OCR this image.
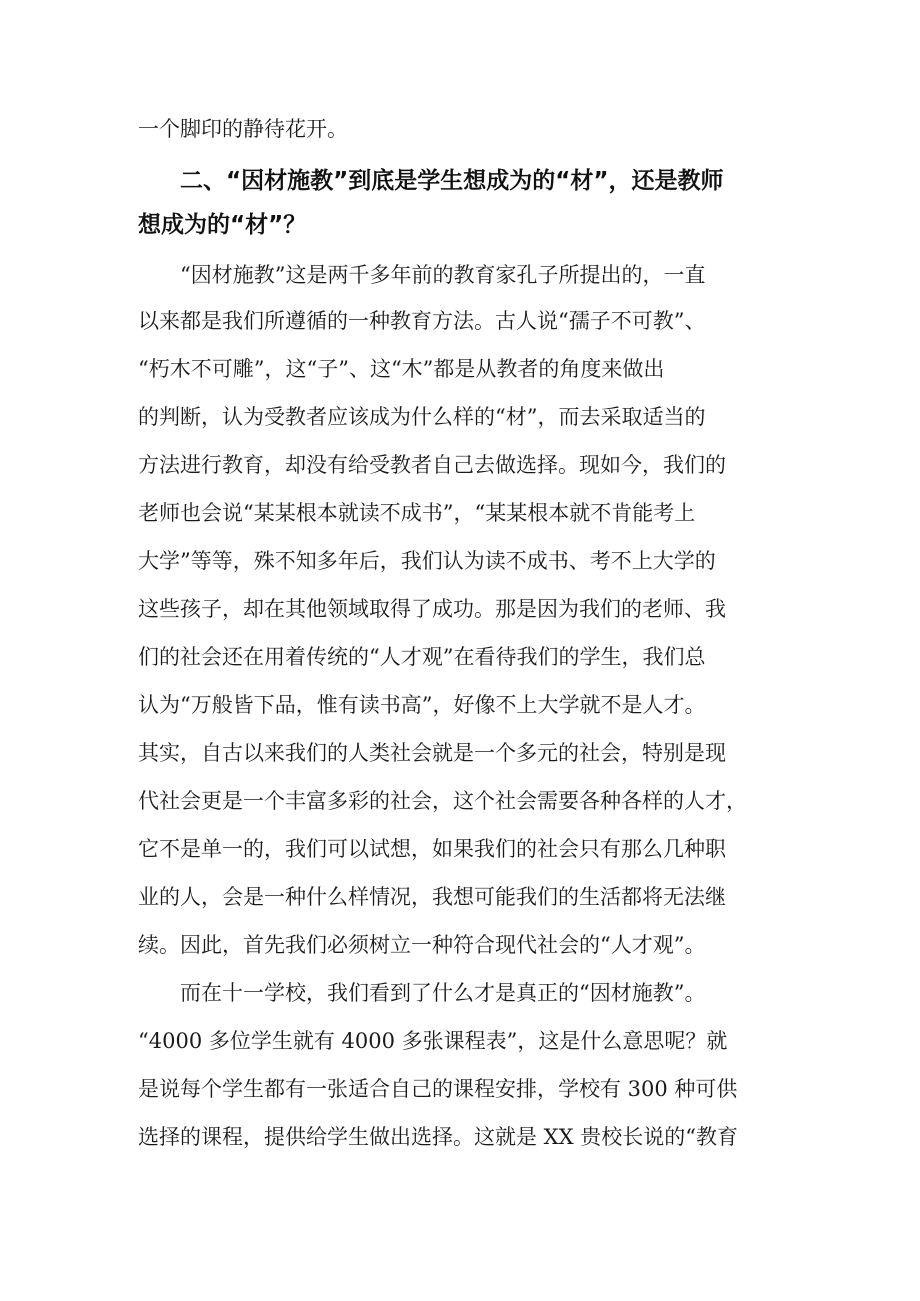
一个脚印的静待花开。
二、“因材施教”到底是学生想成为的“材”，还是教师
想成为的“材”？
“因材施教”这是两千多年前的教育家孔子所提出的，一直
以来都是我们所遵循的一种教育方法。古人说“孺子不可教”、
“朽木不可雕”，这“子”、这“木”都是从教者的角度来做出
的判断，认为受教者应该成为什么样的“材”，而去采取适当的
方法进行教育，却没有给受教者自己去做选择。现如今，我们的
老师也会说“某某根本就读不成书”，“某某根本就不肯能考上
大学”等等，殊不知多年后，我们认为读不成书、考不上大学的
这些孩子，却在其他领域取得了成功。那是因为我们的老师、我
们的社会还在用着传统的“人才观”在看待我们的学生，我们总
认为“万般皆下品，惟有读书高”，好像不上大学就不是人才。
其实，自古以来我们的人类社会就是一个多元的社会，特别是现
代社会更是一个丰富多彩的社会，这个社会需要各种各样的人才，
它不是单一的，我们可以试想，如果我们的社会只有那么几种职
业的人，会是一种什么样情况，我想可能我们的生活都将无法继
续。因此，首先我们必须树立一种符合现代社会的“人才观”。
而在十一学校，我们看到了什么才是真正的“因材施教”。
“4000 多位学生就有 4000 多张课程表”，这是什么意思呢？就
是说每个学生都有一张适合自己的课程安排，学校有 300 种可供
选择的课程，提供给学生做出选择。这就是 XX 贵校长说的“教育
